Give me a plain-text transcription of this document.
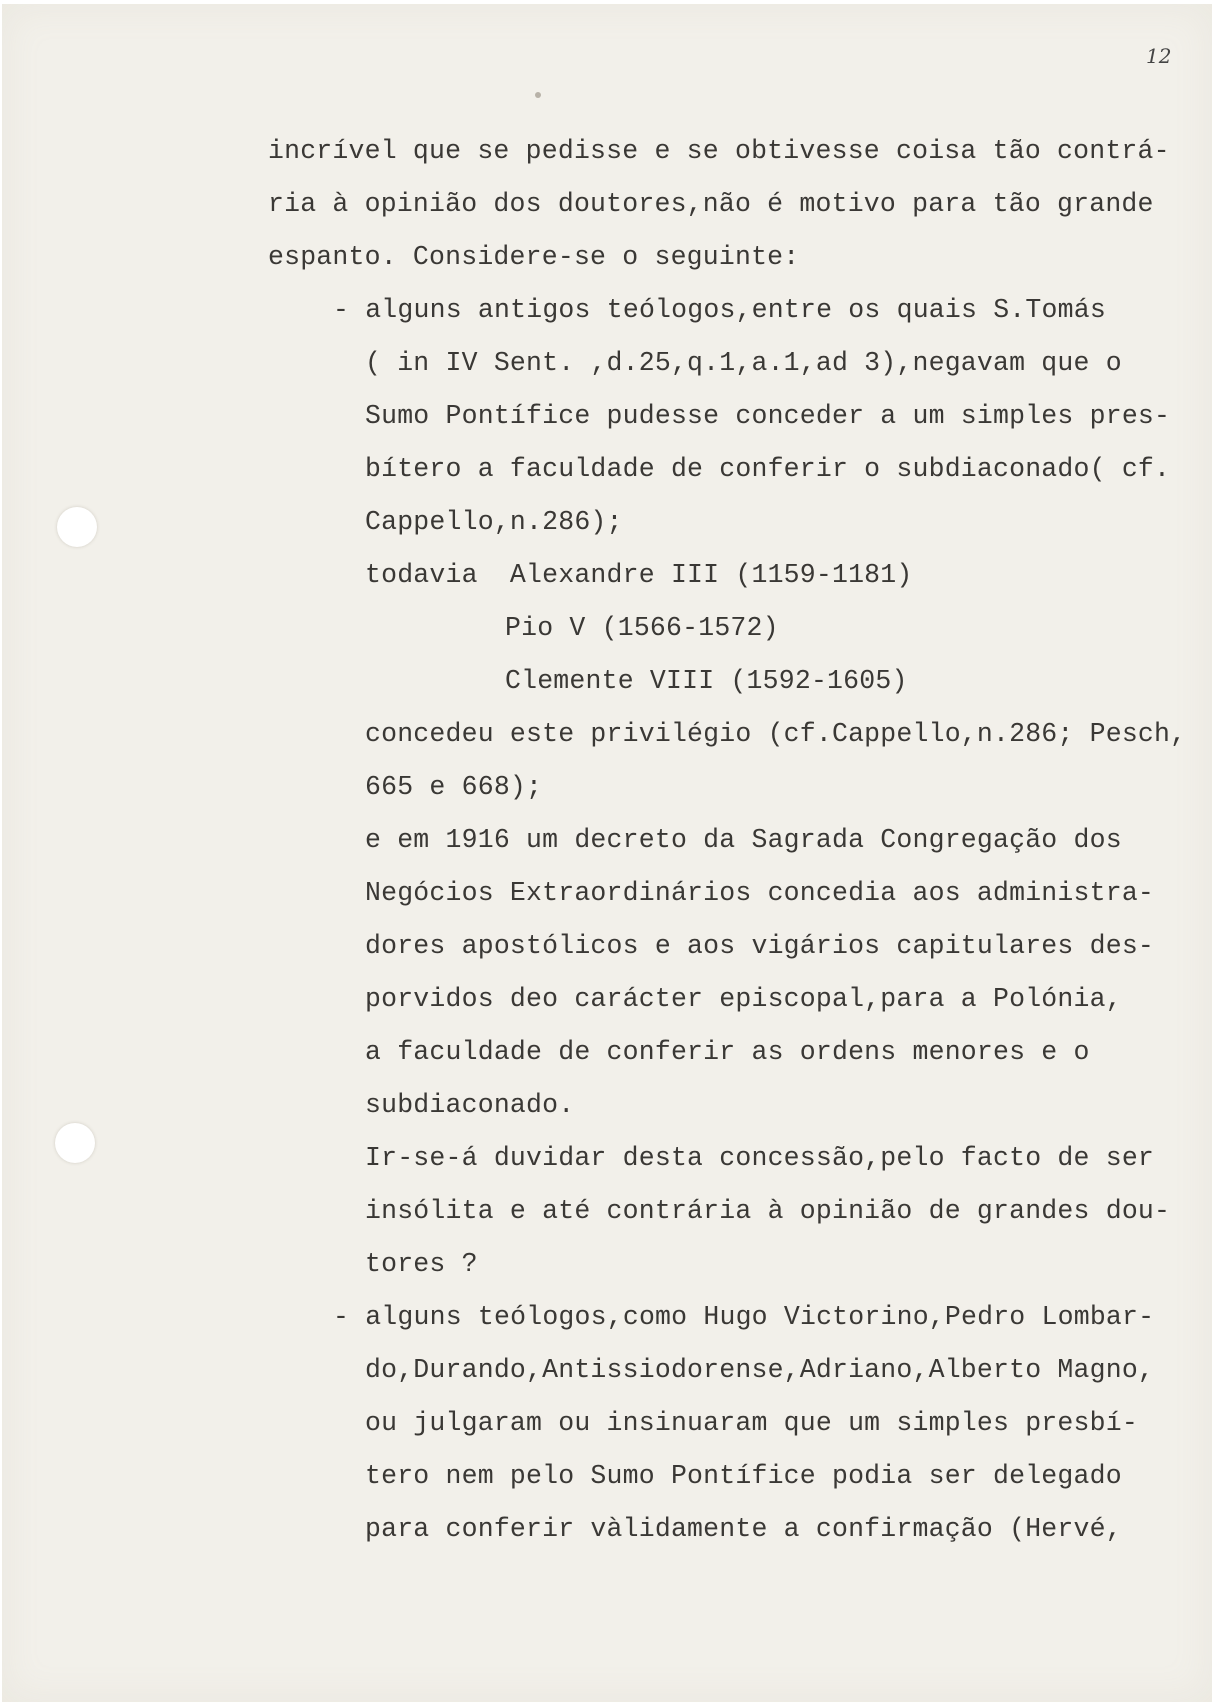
12
incrível que se pedisse e se obtivesse coisa tão contrá-
ria à opinião dos doutores,não é motivo para tão grande
espanto. Considere-se o seguinte:
- alguns antigos teólogos,entre os quais S.Tomás
( in IV Sent. ,d.25,q.1,a.1,ad 3),negavam que o
Sumo Pontífice pudesse conceder a um simples pres-
bítero a faculdade de conferir o subdiaconado( cf.
Cappello,n.286);
todavia  Alexandre III (1159-1181)
Pio V (1566-1572)
Clemente VIII (1592-1605)
concedeu este privilégio (cf.Cappello,n.286; Pesch,
665 e 668);
e em 1916 um decreto da Sagrada Congregação dos
Negócios Extraordinários concedia aos administra-
dores apostólicos e aos vigários capitulares des-
porvidos deo carácter episcopal,para a Polónia,
a faculdade de conferir as ordens menores e o
subdiaconado.
Ir-se-á duvidar desta concessão,pelo facto de ser
insólita e até contrária à opinião de grandes dou-
tores ?
- alguns teólogos,como Hugo Victorino,Pedro Lombar-
do,Durando,Antissiodorense,Adriano,Alberto Magno,
ou julgaram ou insinuaram que um simples presbí-
tero nem pelo Sumo Pontífice podia ser delegado
para conferir vàlidamente a confirmação (Hervé,
